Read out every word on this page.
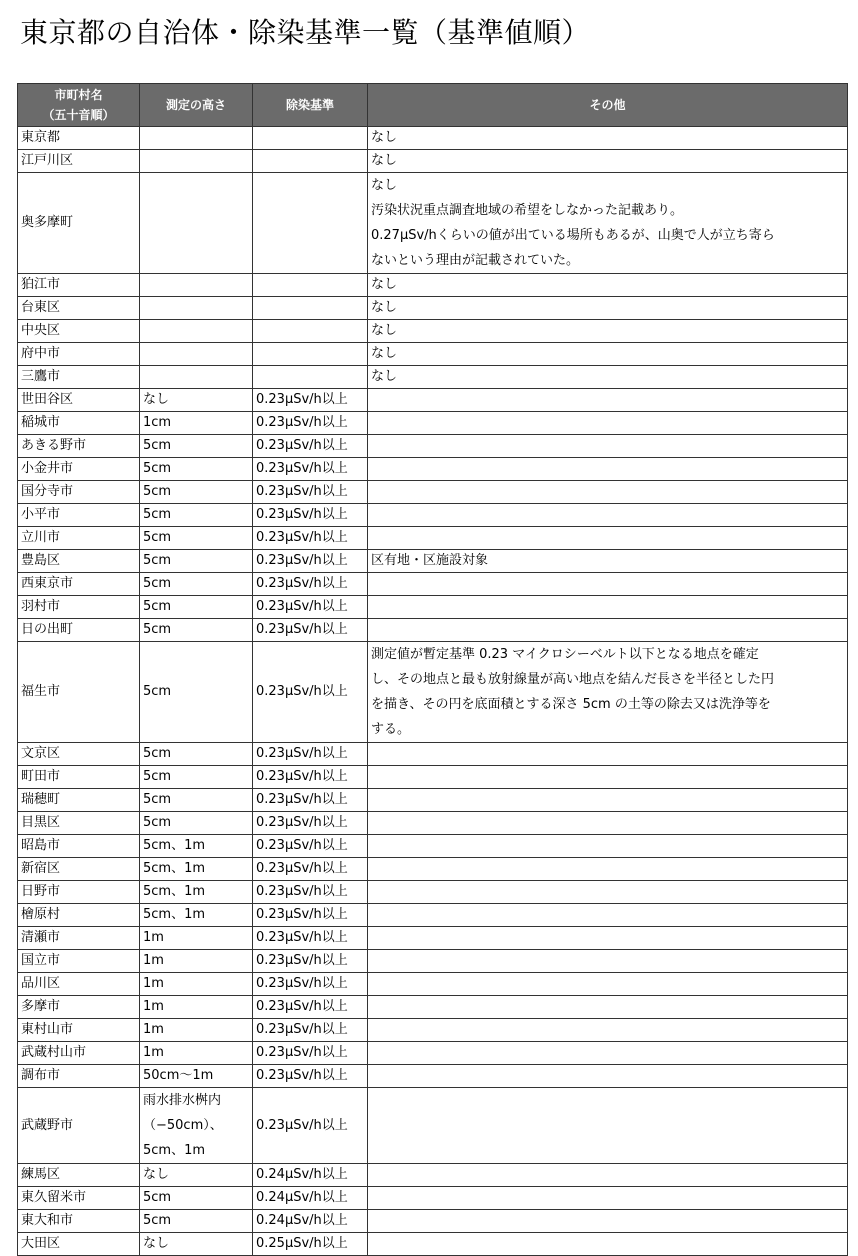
東京都の自治体・除染基準一覧（基準値順）
市町村名
（五十音順）	測定の高さ	除染基準	その他
東京都			なし
江戸川区			なし
奥多摩町			なし
汚染状況重点調査地域の希望をしなかった記載あり。
0.27μSv/hくらいの値が出ている場所もあるが、山奥で人が立ち寄ら
ないという理由が記載されていた。

狛江市			なし
台東区			なし
中央区			なし
府中市			なし
三鷹市			なし
世田谷区	なし	0.23μSv/h以上	
稲城市	1cm	0.23μSv/h以上	
あきる野市	5cm	0.23μSv/h以上	
小金井市	5cm	0.23μSv/h以上	
国分寺市	5cm	0.23μSv/h以上	
小平市	5cm	0.23μSv/h以上	
立川市	5cm	0.23μSv/h以上	
豊島区	5cm	0.23μSv/h以上	区有地・区施設対象
西東京市	5cm	0.23μSv/h以上	
羽村市	5cm	0.23μSv/h以上	
日の出町	5cm	0.23μSv/h以上	
福生市	5cm	0.23μSv/h以上	測定値が暫定基準 0.23 マイクロシーベルト以下となる地点を確定
し、その地点と最も放射線量が高い地点を結んだ長さを半径とした円
を描き、その円を底面積とする深さ 5cm の土等の除去又は洗浄等を
する。

文京区	5cm	0.23μSv/h以上	
町田市	5cm	0.23μSv/h以上	
瑞穂町	5cm	0.23μSv/h以上	
目黒区	5cm	0.23μSv/h以上	
昭島市	5cm、1m	0.23μSv/h以上	
新宿区	5cm、1m	0.23μSv/h以上	
日野市	5cm、1m	0.23μSv/h以上	
檜原村	5cm、1m	0.23μSv/h以上	
清瀬市	1m	0.23μSv/h以上	
国立市	1m	0.23μSv/h以上	
品川区	1m	0.23μSv/h以上	
多摩市	1m	0.23μSv/h以上	
東村山市	1m	0.23μSv/h以上	
武蔵村山市	1m	0.23μSv/h以上	
調布市	50cm～1m	0.23μSv/h以上	
武蔵野市	雨水排水桝内
（−50cm）、
5cm、1m	0.23μSv/h以上	
練馬区	なし	0.24μSv/h以上	
東久留米市	5cm	0.24μSv/h以上	
東大和市	5cm	0.24μSv/h以上	
大田区	なし	0.25μSv/h以上	
